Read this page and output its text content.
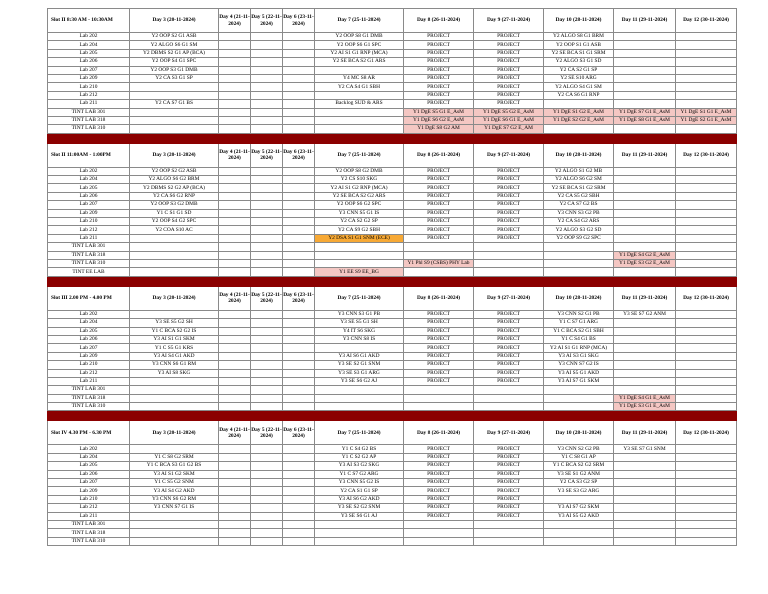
Slot II 8:30 AM - 10:30AM	Day 3 (20-11-2024)	Day 4 (21-11-2024)	Day 5 (22-11-2024)	Day 6 (23-11-2024)	Day 7 (25-11-2024)	Day 8 (26-11-2024)	Day 9 (27-11-2024)	Day 10 (28-11-2024)	Day 11 (29-11-2024)	Day 12 (30-11-2024)
Lab 202	Y2 OOP S2 G1 ASB				Y2 OOP S8 G1 DMB	PROJECT	PROJECT	Y2 ALGO S8 G1 BRM		
Lab 204	Y2 ALGO S6 G1 SM				Y2 OOP S6 G1 SPC	PROJECT	PROJECT	Y2 OOP S1 G1 ASB		
Lab 205	Y2 DBMS S2 G1 AP (BCA)				Y2 AI S1 G1 RNP (MCA)	PROJECT	PROJECT	Y2 SE BCA S1 G1 SRM		
Lab 206	Y2 OOP S4 G1 SPC				Y2 SE BCA S2 G1 ARS	PROJECT	PROJECT	Y2 ALGO S3 G1 SD		
Lab 207	Y2 OOP S3 G1 DMB					PROJECT	PROJECT	Y2 CA S2 G1 SP		
Lab 209	Y2 CA S3 G1 SP				Y4 MC S8 AR	PROJECT	PROJECT	Y2 SE S10 ARG		
Lab 210					Y2 CA S4 G1 SBH	PROJECT	PROJECT	Y2 ALGO S4 G1 SM		
Lab 212						PROJECT	PROJECT	Y2 CA S6 G1 RNP		
Lab 211	Y2 CA S7 G1 BS				Backlog SUD & ARS	PROJECT	PROJECT			
TINT LAB 301						Y1 DgE S5 G1 E_AsM	Y1 DgE S5 G2 E_AsM	Y1 DgE S1 G2 E_AsM	Y1 DgE S7 G1 E_AsM	Y1 DgE S1 G1 E_AsM
TINT LAB 318						Y1 DgE S6 G2 E_AsM	Y1 DgE S6 G1 E_AsM	Y1 DgE S2 G2 E_AsM	Y1 DgE S8 G1 E_AsM	Y1 DgE S2 G1 E_AsM
TINT LAB 310						Y1 DgE S8 G2 AM	Y1 DgE S7 G2 E_AM			

Slot II 11:00AM - 1:00PM	Day 3 (20-11-2024)	Day 4 (21-11-2024)	Day 5 (22-11-2024)	Day 6 (23-11-2024)	Day 7 (25-11-2024)	Day 8 (26-11-2024)	Day 9 (27-11-2024)	Day 10 (28-11-2024)	Day 11 (29-11-2024)	Day 12 (30-11-2024)
Lab 202	Y2 OOP S2 G2 ASB				Y2 OOP S8 G2 DMB	PROJECT	PROJECT	Y2 ALGO S1 G2 MB		
Lab 204	Y2 ALGO S6 G2 BRM				Y2 CS S10 SKG	PROJECT	PROJECT	Y2 ALGO S6 G2 SM		
Lab 205	Y2 DBMS S2 G2 AP (BCA)				Y2 AI S1 G2 RNP (MCA)	PROJECT	PROJECT	Y2 SE BCA S1 G2 SRM		
Lab 206	Y2 CA S6 G2 RNP				Y2 SE BCA S2 G2 ARS	PROJECT	PROJECT	Y2 CA S5 G2 SBH		
Lab 207	Y2 OOP S3 G2 DMB				Y2 OOP S6 G2 SPC	PROJECT	PROJECT	Y2 CA S7 G2 BS		
Lab 209	Y1 C S1 G1 SD				Y3 CNN S5 G1 IS	PROJECT	PROJECT	Y3 CNN S3 G2 PB		
Lab 210	Y2 OOP S4 G2 SPC				Y2 CA S2 G2 SP	PROJECT	PROJECT	Y2 CA S4 G2 ARS		
Lab 212	Y2 COA S10 AC				Y2 CA S9 G2 SBH	PROJECT	PROJECT	Y2 ALGO S3 G2 SD		
Lab 211					Y2 DSA S1 G1 SNM (ECE)	PROJECT	PROJECT	Y2 OOP S9 G2 SPC		
TINT LAB 301										
TINT LAB 318									Y1 DgE S4 G2 E_AsM	
TINT LAB 310						Y1 Phl S9 (CSBS) PHY Lab			Y1 DgE S3 G2 E_AsM	
TINT EE LAB					Y1 EE S9 EE_BG					

Slot III 2.00 PM - 4.00 PM	Day 3 (20-11-2024)	Day 4 (21-11-2024)	Day 5 (22-11-2024)	Day 6 (23-11-2024)	Day 7 (25-11-2024)	Day 8 (26-11-2024)	Day 9 (27-11-2024)	Day 10 (28-11-2024)	Day 11 (29-11-2024)	Day 12 (30-11-2024)
Lab 202					Y3 CNN S3 G1 PB	PROJECT	PROJECT	Y3 CNN S2 G1 PB	Y3 SE S7 G2 ANM	
Lab 204	Y3 SE S5 G2 SH				Y3 SE S5 G1 SH	PROJECT	PROJECT	Y1 C S7 G1 ARG		
Lab 205	Y1 C BCA S2 G2 IS				Y4 IT S6 SKG	PROJECT	PROJECT	Y1 C BCA S2 G1 SBH		
Lab 206	Y3 AI S1 G1 SKM				Y3 CNN S8 IS	PROJECT	PROJECT	Y1 C S4 G1 BS		
Lab 207	Y1 C S5 G1 KRS					PROJECT	PROJECT	Y2 AI S1 G1 RNP (MCA)		
Lab 209	Y3 AI S4 G1 AKD				Y3 AI S6 G1 AKD	PROJECT	PROJECT	Y3 AI S3 G1 SKG		
Lab 210	Y3 CNN S6 G1 RM				Y3 SE S2 G1 SNM	PROJECT	PROJECT	Y3 CNN S7 G2 IS		
Lab 212	Y3 AI S8 SKG				Y3 SE S3 G1 ARG	PROJECT	PROJECT	Y3 AI S5 G1 AKD		
Lab 211					Y3 SE S6 G2 AJ	PROJECT	PROJECT	Y3 AI S7 G1 SKM		
TINT LAB 301										
TINT LAB 318									Y1 DgE S4 G1 E_AsM	
TINT LAB 310									Y1 DgE S3 G1 E_AsM	

Slot IV 4.30 PM - 6.30 PM	Day 3 (20-11-2024)	Day 4 (21-11-2024)	Day 5 (22-11-2024)	Day 6 (23-11-2024)	Day 7 (25-11-2024)	Day 8 (26-11-2024)	Day 9 (27-11-2024)	Day 10 (28-11-2024)	Day 11 (29-11-2024)	Day 12 (30-11-2024)
Lab 202					Y1 C S4 G2 BS	PROJECT	PROJECT	Y3 CNN S2 G2 PB	Y3 SE S7 G1 SNM	
Lab 204	Y1 C S8 G2 SRM				Y1 C S2 G2 AP	PROJECT	PROJECT	Y1 C S8 G1 AP		
Lab 205	Y1 C BCA S3 G1 G2 BS				Y3 AI S3 G2 SKG	PROJECT	PROJECT	Y1 C BCA S2 G2 SRM		
Lab 206	Y3 AI S1 G2 SKM				Y1 C S7 G2 ARG	PROJECT	PROJECT	Y3 SE S1 G2 ANM		
Lab 207	Y1 C S5 G2 SNM				Y3 CNN S5 G2 IS	PROJECT	PROJECT	Y2 CA S3 G2 SP		
Lab 209	Y3 AI S4 G2 AKD				Y2 CA S1 G1 SP	PROJECT	PROJECT	Y3 SE S3 G2 ARG		
Lab 210	Y3 CNN S6 G2 RM				Y3 AI S6 G2 AKD	PROJECT	PROJECT			
Lab 212	Y3 CNN S7 G1 IS				Y3 SE S2 G2 SNM	PROJECT	PROJECT	Y3 AI S7 G2 SKM		
Lab 211					Y3 SE S6 G1 AJ	PROJECT	PROJECT	Y3 AI S5 G2 AKD		
TINT LAB 301										
TINT LAB 318										
TINT LAB 310										
